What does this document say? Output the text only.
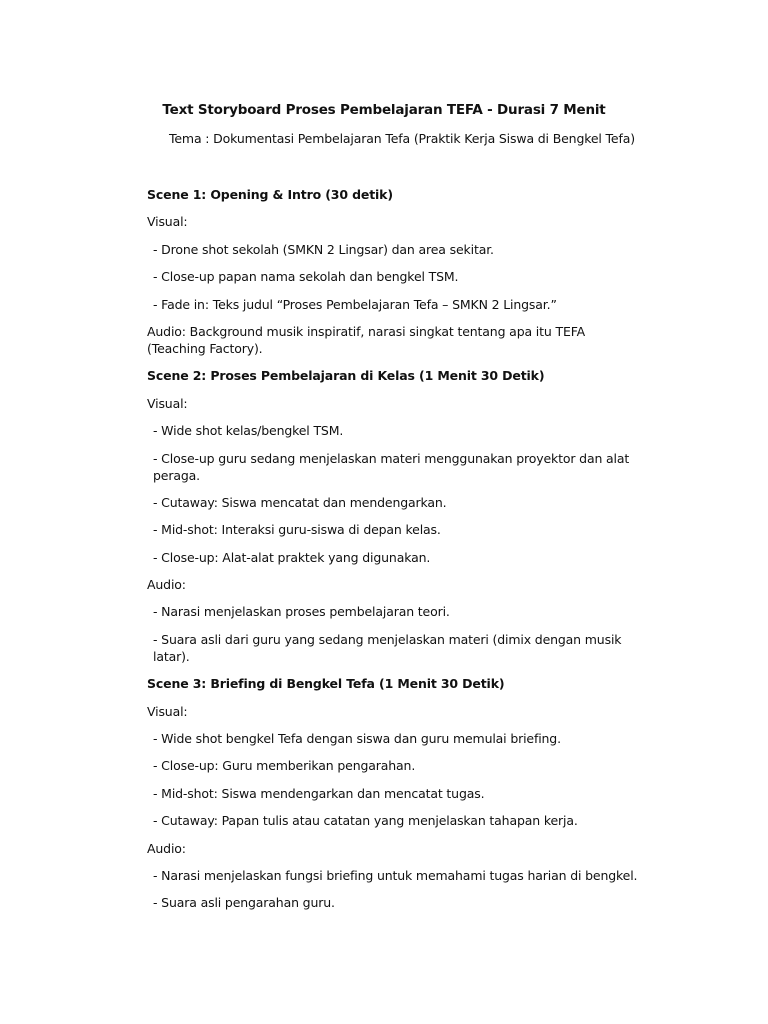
Text Storyboard Proses Pembelajaran TEFA - Durasi 7 Menit
Tema : Dokumentasi Pembelajaran Tefa (Praktik Kerja Siswa di Bengkel Tefa)

Scene 1: Opening & Intro (30 detik)

Visual:

- Drone shot sekolah (SMKN 2 Lingsar) dan area sekitar.

- Close-up papan nama sekolah dan bengkel TSM.

- Fade in: Teks judul “Proses Pembelajaran Tefa – SMKN 2 Lingsar.”

Audio: Background musik inspiratif, narasi singkat tentang apa itu TEFA (Teaching Factory).

Scene 2: Proses Pembelajaran di Kelas (1 Menit 30 Detik)

Visual:

- Wide shot kelas/bengkel TSM.

- Close-up guru sedang menjelaskan materi menggunakan proyektor dan alat peraga.

- Cutaway: Siswa mencatat dan mendengarkan.

- Mid-shot: Interaksi guru-siswa di depan kelas.

- Close-up: Alat-alat praktek yang digunakan.

Audio:

- Narasi menjelaskan proses pembelajaran teori.

- Suara asli dari guru yang sedang menjelaskan materi (dimix dengan musik latar).

Scene 3: Briefing di Bengkel Tefa (1 Menit 30 Detik)

Visual:

- Wide shot bengkel Tefa dengan siswa dan guru memulai briefing.

- Close-up: Guru memberikan pengarahan.

- Mid-shot: Siswa mendengarkan dan mencatat tugas.

- Cutaway: Papan tulis atau catatan yang menjelaskan tahapan kerja.

Audio:

- Narasi menjelaskan fungsi briefing untuk memahami tugas harian di bengkel.

- Suara asli pengarahan guru.
